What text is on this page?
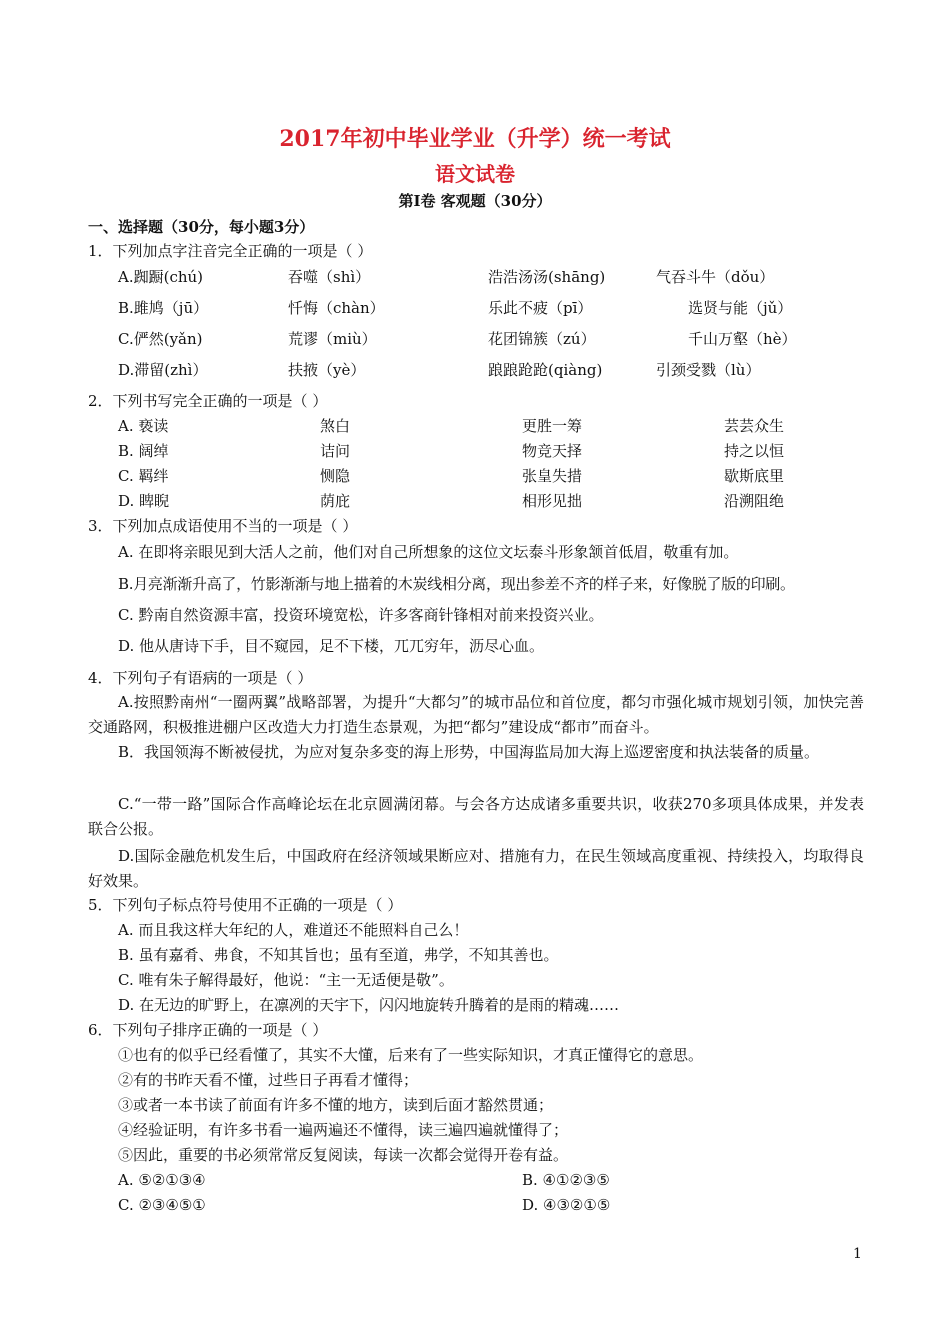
2017年初中毕业学业（升学）统一考试
语文试卷
第Ⅰ卷 客观题（30分）
一、选择题（30分，每小题3分）
1．下列加点字注音完全正确的一项是（ ）
A.踟蹰(chú)	吞噬（shì）	浩浩汤汤(shāng)	气吞斗牛（dǒu）
B.雎鸠（jū）	忏悔（chàn）	乐此不疲（pī）	选贤与能（jǔ）
C.俨然(yǎn)	荒谬（miù）	花团锦簇（zú）	千山万壑（hè）
D.滞留(zhì）	扶掖（yè）	踉踉跄跄(qiàng)	引颈受戮（lù）
2．下列书写完全正确的一项是（ ）
A. 亵读	煞白	更胜一筹	芸芸众生
B. 阔绰	诘问	物竞天择	持之以恒
C. 羁绊	恻隐	张皇失措	歇斯底里
D. 睥睨	荫庇	相形见拙	沿溯阻绝
3．下列加点成语使用不当的一项是（ ）
A. 在即将亲眼见到大活人之前，他们对自己所想象的这位文坛泰斗形象颔首低眉，敬重有加。
B.月亮渐渐升高了，竹影渐渐与地上描着的木炭线相分离，现出参差不齐的样子来，好像脱了版的印刷。
C. 黔南自然资源丰富，投资环境宽松，许多客商针锋相对前来投资兴业。
D. 他从唐诗下手，目不窥园，足不下楼，兀兀穷年，沥尽心血。
4．下列句子有语病的一项是（ ）
A.按照黔南州“一圈两翼”战略部署，为提升“大都匀”的城市品位和首位度，都匀市强化城市规划引领，加快完善交通路网，积极推进棚户区改造大力打造生态景观，为把“都匀”建设成“都市”而奋斗。
B．我国领海不断被侵扰，为应对复杂多变的海上形势，中国海监局加大海上巡逻密度和执法装备的质量。
C.“一带一路”国际合作高峰论坛在北京圆满闭幕。与会各方达成诸多重要共识，收获270多项具体成果，并发表联合公报。
D.国际金融危机发生后，中国政府在经济领域果断应对、措施有力，在民生领域高度重视、持续投入，均取得良好效果。
5．下列句子标点符号使用不正确的一项是（ ）
A. 而且我这样大年纪的人，难道还不能照料自己么！
B. 虽有嘉肴、弗食，不知其旨也；虽有至道，弗学，不知其善也。
C. 唯有朱子解得最好，他说：“主一无适便是敬”。
D. 在无边的旷野上，在凛冽的天宇下，闪闪地旋转升腾着的是雨的精魂……
6．下列句子排序正确的一项是（ ）
①也有的似乎已经看懂了，其实不大懂，后来有了一些实际知识，才真正懂得它的意思。
②有的书昨天看不懂，过些日子再看才懂得；
③或者一本书读了前面有许多不懂的地方，读到后面才豁然贯通；
④经验证明，有许多书看一遍两遍还不懂得，读三遍四遍就懂得了；
⑤因此，重要的书必须常常反复阅读，每读一次都会觉得开卷有益。
A. ⑤②①③④	B. ④①②③⑤
C. ②③④⑤①	D. ④③②①⑤
1
